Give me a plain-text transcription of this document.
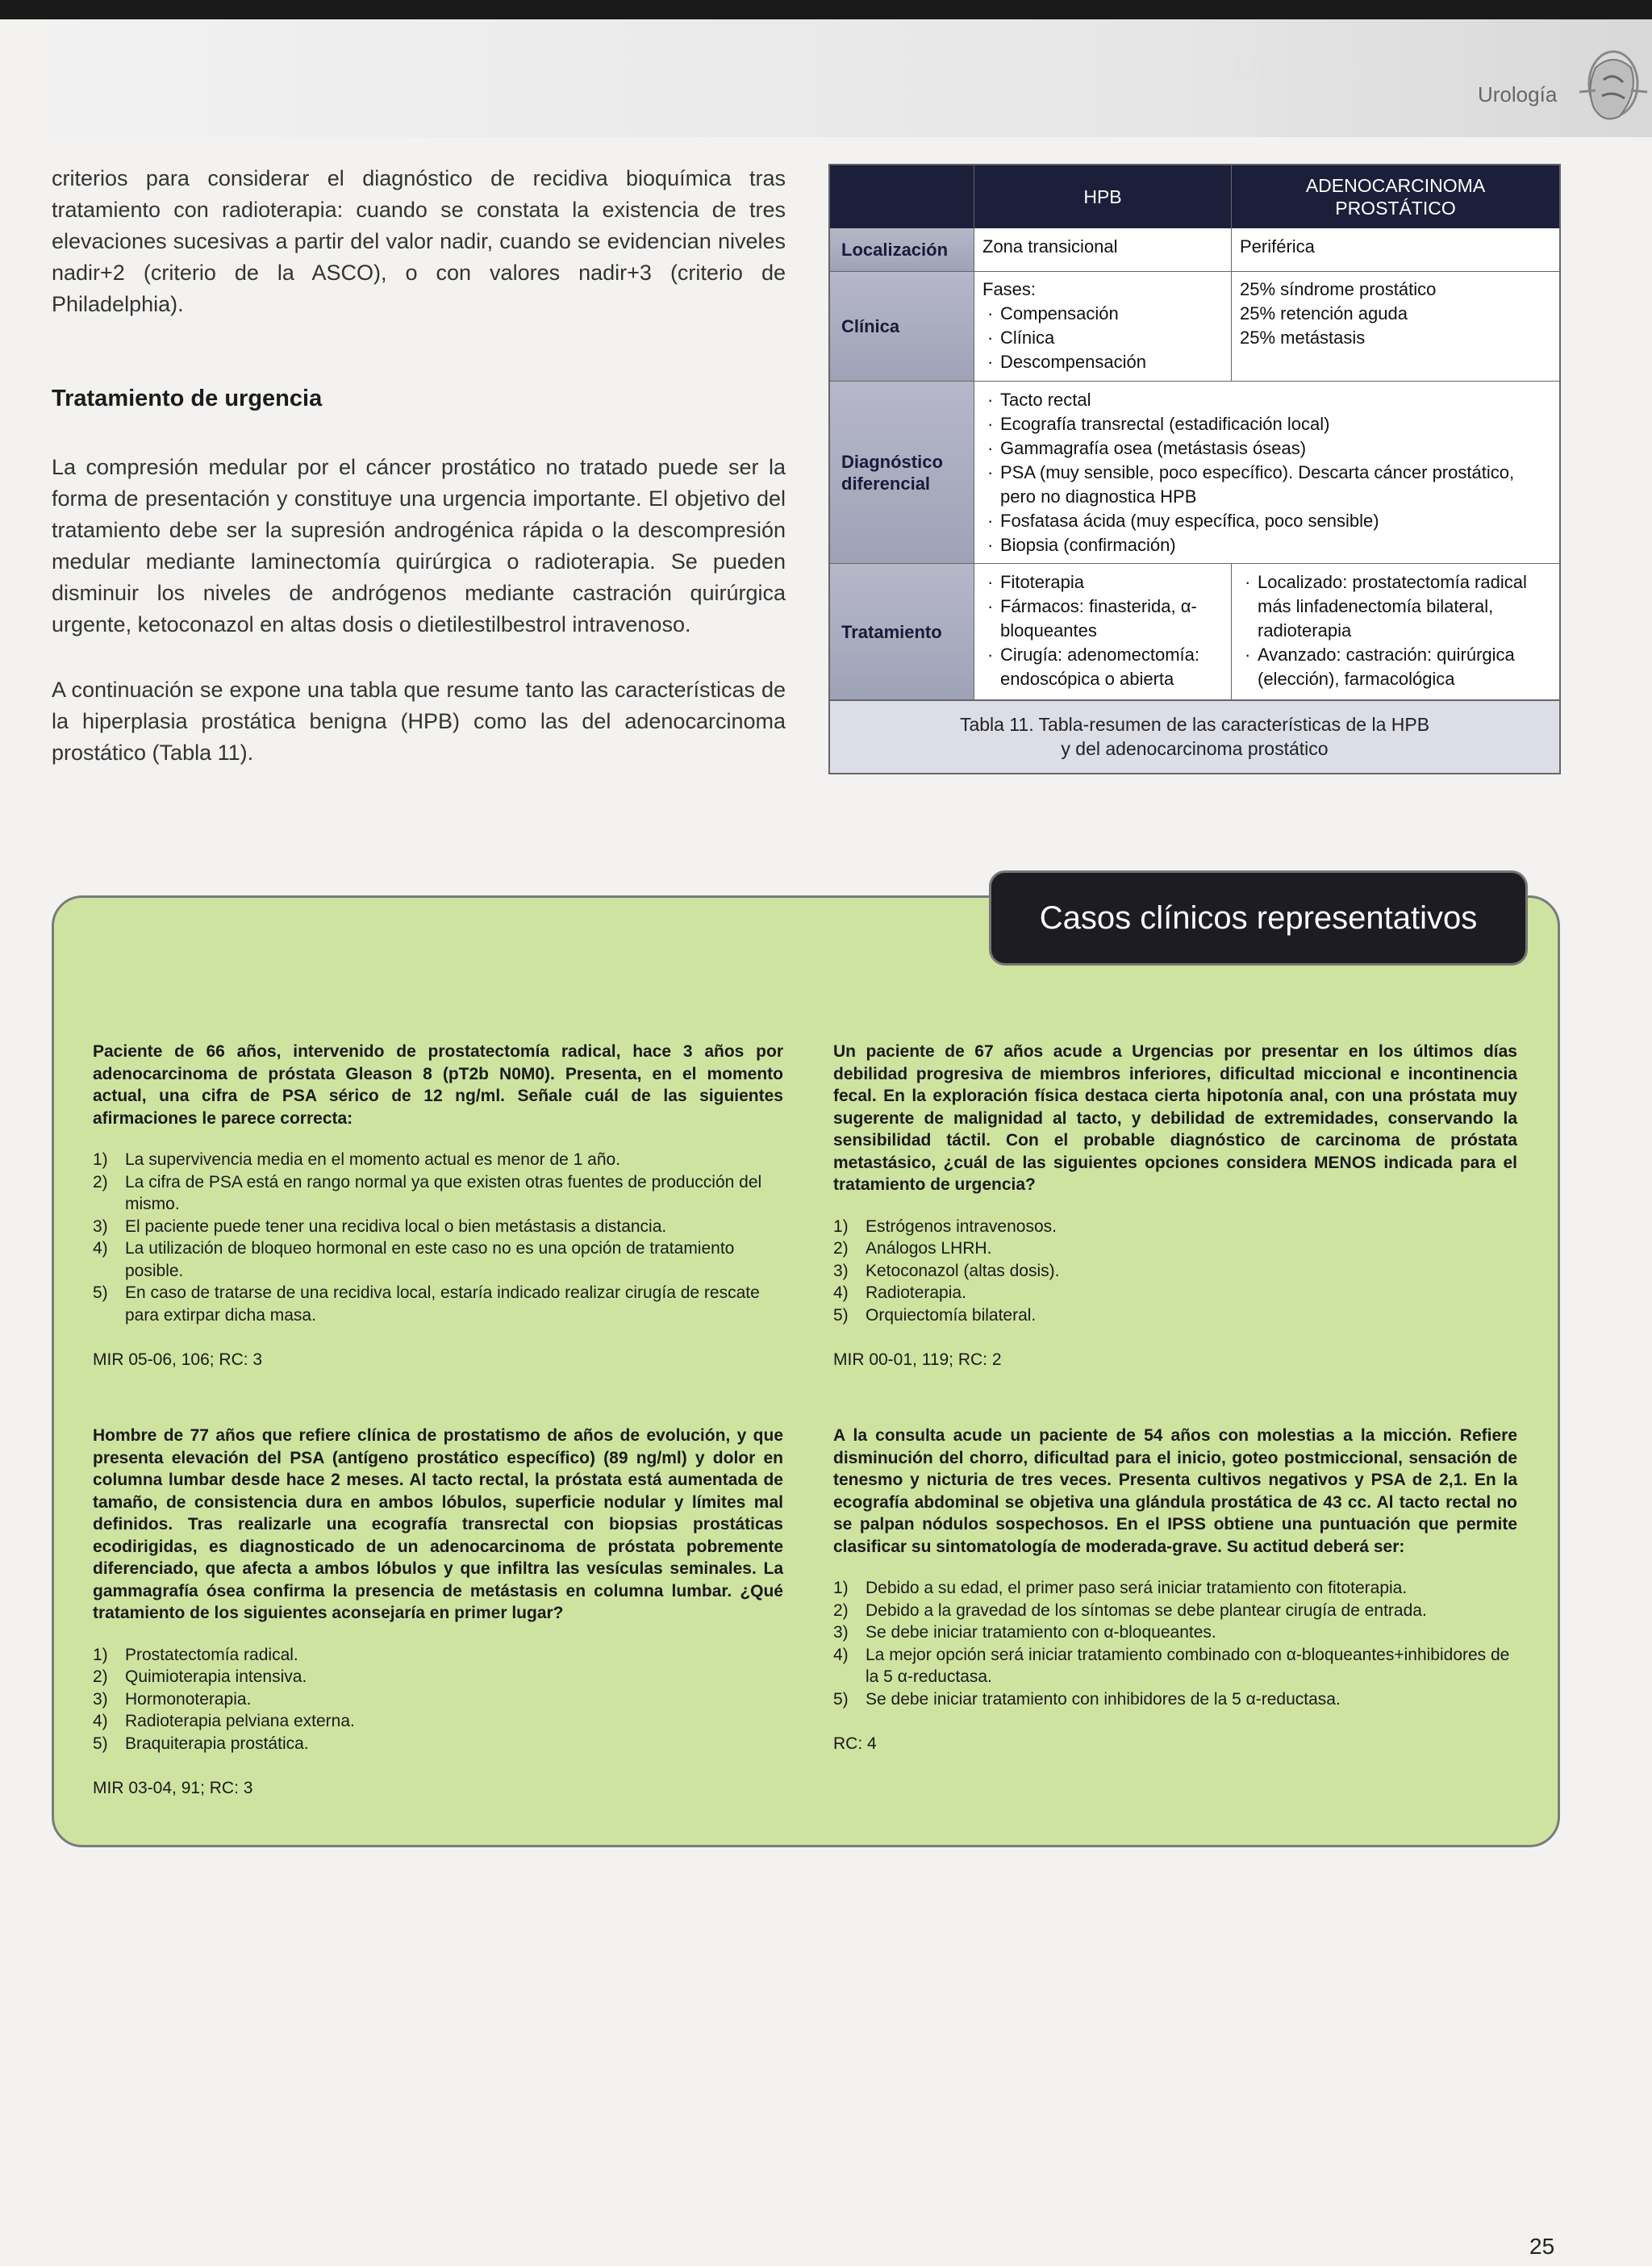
Urología
Urología
criterios para considerar el diagnóstico de recidiva bioquímica tras tratamiento con radioterapia: cuando se constata la existencia de tres elevaciones sucesivas a partir del valor nadir, cuando se evidencian niveles nadir+2 (criterio de la ASCO), o con valores nadir+3 (criterio de Philadelphia).
Tratamiento de urgencia
La compresión medular por el cáncer prostático no tratado puede ser la forma de presentación y constituye una urgencia importante. El objetivo del tratamiento debe ser la supresión androgénica rápida o la descompresión medular mediante laminectomía quirúrgica o radioterapia. Se pueden disminuir los niveles de andrógenos mediante castración quirúrgica urgente, ketoconazol en altas dosis o dietilestilbestrol intravenoso.
A continuación se expone una tabla que resume tanto las características de la hiperplasia prostática benigna (HPB) como las del adenocarcinoma prostático (Tabla 11).
HPB
ADENOCARCINOMA PROSTÁTICO
Localización	Zona transicional	Periférica
Clínica
Fases:
· Compensación
· Clínica
· Descompensación
25% síndrome prostático
25% retención aguda
25% metástasis
Diagnóstico diferencial
· Tacto rectal
· Ecografía transrectal (estadificación local)
· Gammagrafía osea (metástasis óseas)
· PSA (muy sensible, poco específico). Descarta cáncer prostático, pero no diagnostica HPB
· Fosfatasa ácida (muy específica, poco sensible)
· Biopsia (confirmación)
Tratamiento
· Fitoterapia
· Fármacos: finasterida, α-bloqueantes
· Cirugía: adenomectomía: endoscópica o abierta
· Localizado: prostatectomía radical más linfadenectomía bilateral, radioterapia
· Avanzado: castración: quirúrgica (elección), farmacológica
Tabla 11. Tabla-resumen de las características de la HPB
y del adenocarcinoma prostático
Casos clínicos representativos
Paciente de 66 años, intervenido de prostatectomía radical, hace 3 años por adenocarcinoma de próstata Gleason 8 (pT2b N0M0). Presenta, en el momento actual, una cifra de PSA sérico de 12 ng/ml. Señale cuál de las siguientes afirmaciones le parece correcta:
1) La supervivencia media en el momento actual es menor de 1 año.
2) La cifra de PSA está en rango normal ya que existen otras fuentes de producción del mismo.
3) El paciente puede tener una recidiva local o bien metástasis a distancia.
4) La utilización de bloqueo hormonal en este caso no es una opción de tratamiento posible.
5) En caso de tratarse de una recidiva local, estaría indicado realizar cirugía de rescate para extirpar dicha masa.
MIR 05-06, 106; RC: 3
Un paciente de 67 años acude a Urgencias por presentar en los últimos días debilidad progresiva de miembros inferiores, dificultad miccional e incontinencia fecal. En la exploración física destaca cierta hipotonía anal, con una próstata muy sugerente de malignidad al tacto, y debilidad de extremidades, conservando la sensibilidad táctil. Con el probable diagnóstico de carcinoma de próstata metastásico, ¿cuál de las siguientes opciones considera MENOS indicada para el tratamiento de urgencia?
1) Estrógenos intravenosos.
2) Análogos LHRH.
3) Ketoconazol (altas dosis).
4) Radioterapia.
5) Orquiectomía bilateral.
MIR 00-01, 119; RC: 2
Hombre de 77 años que refiere clínica de prostatismo de años de evolución, y que presenta elevación del PSA (antígeno prostático específico) (89 ng/ml) y dolor en columna lumbar desde hace 2 meses. Al tacto rectal, la próstata está aumentada de tamaño, de consistencia dura en ambos lóbulos, superficie nodular y límites mal definidos. Tras realizarle una ecografía transrectal con biopsias prostáticas ecodirigidas, es diagnosticado de un adenocarcinoma de próstata pobremente diferenciado, que afecta a ambos lóbulos y que infiltra las vesículas seminales. La gammagrafía ósea confirma la presencia de metástasis en columna lumbar. ¿Qué tratamiento de los siguientes aconsejaría en primer lugar?
1) Prostatectomía radical.
2) Quimioterapia intensiva.
3) Hormonoterapia.
4) Radioterapia pelviana externa.
5) Braquiterapia prostática.
MIR 03-04, 91; RC: 3
A la consulta acude un paciente de 54 años con molestias a la micción. Refiere disminución del chorro, dificultad para el inicio, goteo postmiccional, sensación de tenesmo y nicturia de tres veces. Presenta cultivos negativos y PSA de 2,1. En la ecografía abdominal se objetiva una glándula prostática de 43 cc. Al tacto rectal no se palpan nódulos sospechosos. En el IPSS obtiene una puntuación que permite clasificar su sintomatología de moderada-grave. Su actitud deberá ser:
1) Debido a su edad, el primer paso será iniciar tratamiento con fitoterapia.
2) Debido a la gravedad de los síntomas se debe plantear cirugía de entrada.
3) Se debe iniciar tratamiento con α-bloqueantes.
4) La mejor opción será iniciar tratamiento combinado con α-bloqueantes+inhibidores de la 5 α-reductasa.
5) Se debe iniciar tratamiento con inhibidores de la 5 α-reductasa.
RC: 4
25
